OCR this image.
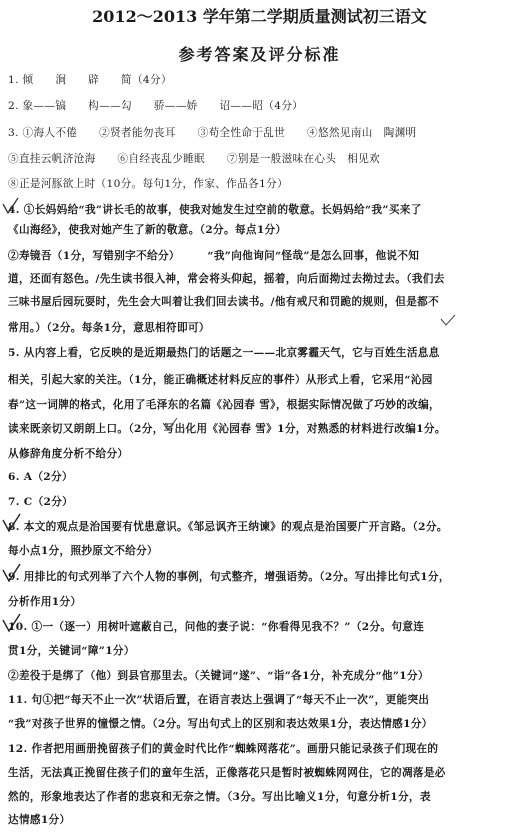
2012～2013 学年第二学期质量测试初三语文
参考答案及评分标准
1. 倾　　涧　　辟　　简（4分）
2. 象——镐　　构——勾　　骄——娇　　诏——昭（4分）
3. ①海人不倦　　②贤者能勿丧耳　　③苟全性命于乱世　　④悠然见南山　陶渊明
⑤直挂云帆济沧海　　⑥自经丧乱少睡眠　　⑦别是一般滋味在心头　相见欢
⑧正是河豚欲上时（10分。每句1分，作家、作品各1分）
4. ①长妈妈给“我”讲长毛的故事，使我对她发生过空前的敬意。长妈妈给“我”买来了
《山海经》，使我对她产生了新的敬意。（2分。每点1分）
②寿镜吾（1分，写错别字不给分）　　　“我”向他询问“怪哉”是怎么回事，他说不知
道，还面有怒色。/先生读书很入神，常会将头仰起，摇着，向后面拗过去拗过去。（我们去
三味书屋后园玩耍时，先生会大叫着让我们回去读书。/他有戒尺和罚跪的规则，但是都不
常用。）（2分。每条1分，意思相符即可）
5. 从内容上看，它反映的是近期最热门的话题之一——北京雾霾天气，它与百姓生活息息
相关，引起大家的关注。（1分，能正确概述材料反应的事件）从形式上看，它采用“沁园
春”这一词牌的格式，化用了毛泽东的名篇《沁园春 雪》，根据实际情况做了巧妙的改编，
读来既亲切又朗朗上口。（2分，写出化用《沁园春 雪》1分，对熟悉的材料进行改编1分。
从修辞角度分析不给分）
6. A（2分）
7. C（2分）
8. 本文的观点是治国要有忧患意识。《邹忌讽齐王纳谏》的观点是治国要广开言路。（2分。
每小点1分，照抄原文不给分）
9. 用排比的句式列举了六个人物的事例，句式整齐，增强语势。（2分。写出排比句式1分，
分析作用1分）
10. ①一（逐一）用树叶遮蔽自己，问他的妻子说：“你看得见我不？”（2分。句意连
贯1分，关键词“障”1分）
②差役于是绑了（他）到县官那里去。（关键词“遂”、“诣”各1分，补充成分“他”1分）
11. 句①把“每天不止一次”状语后置，在语言表达上强调了“每天不止一次”，更能突出
“我”对孩子世界的憧憬之情。（2分。写出句式上的区别和表达效果1分，表达情感1分）
12. 作者把用画册挽留孩子们的黄金时代比作“蜘蛛网落花”。画册只能记录孩子们现在的
生活，无法真正挽留住孩子们的童年生活，正像落花只是暂时被蜘蛛网网住，它的凋落是必
然的，形象地表达了作者的悲哀和无奈之情。（3分。写出比喻义1分，句意分析1分，表
达情感1分）
